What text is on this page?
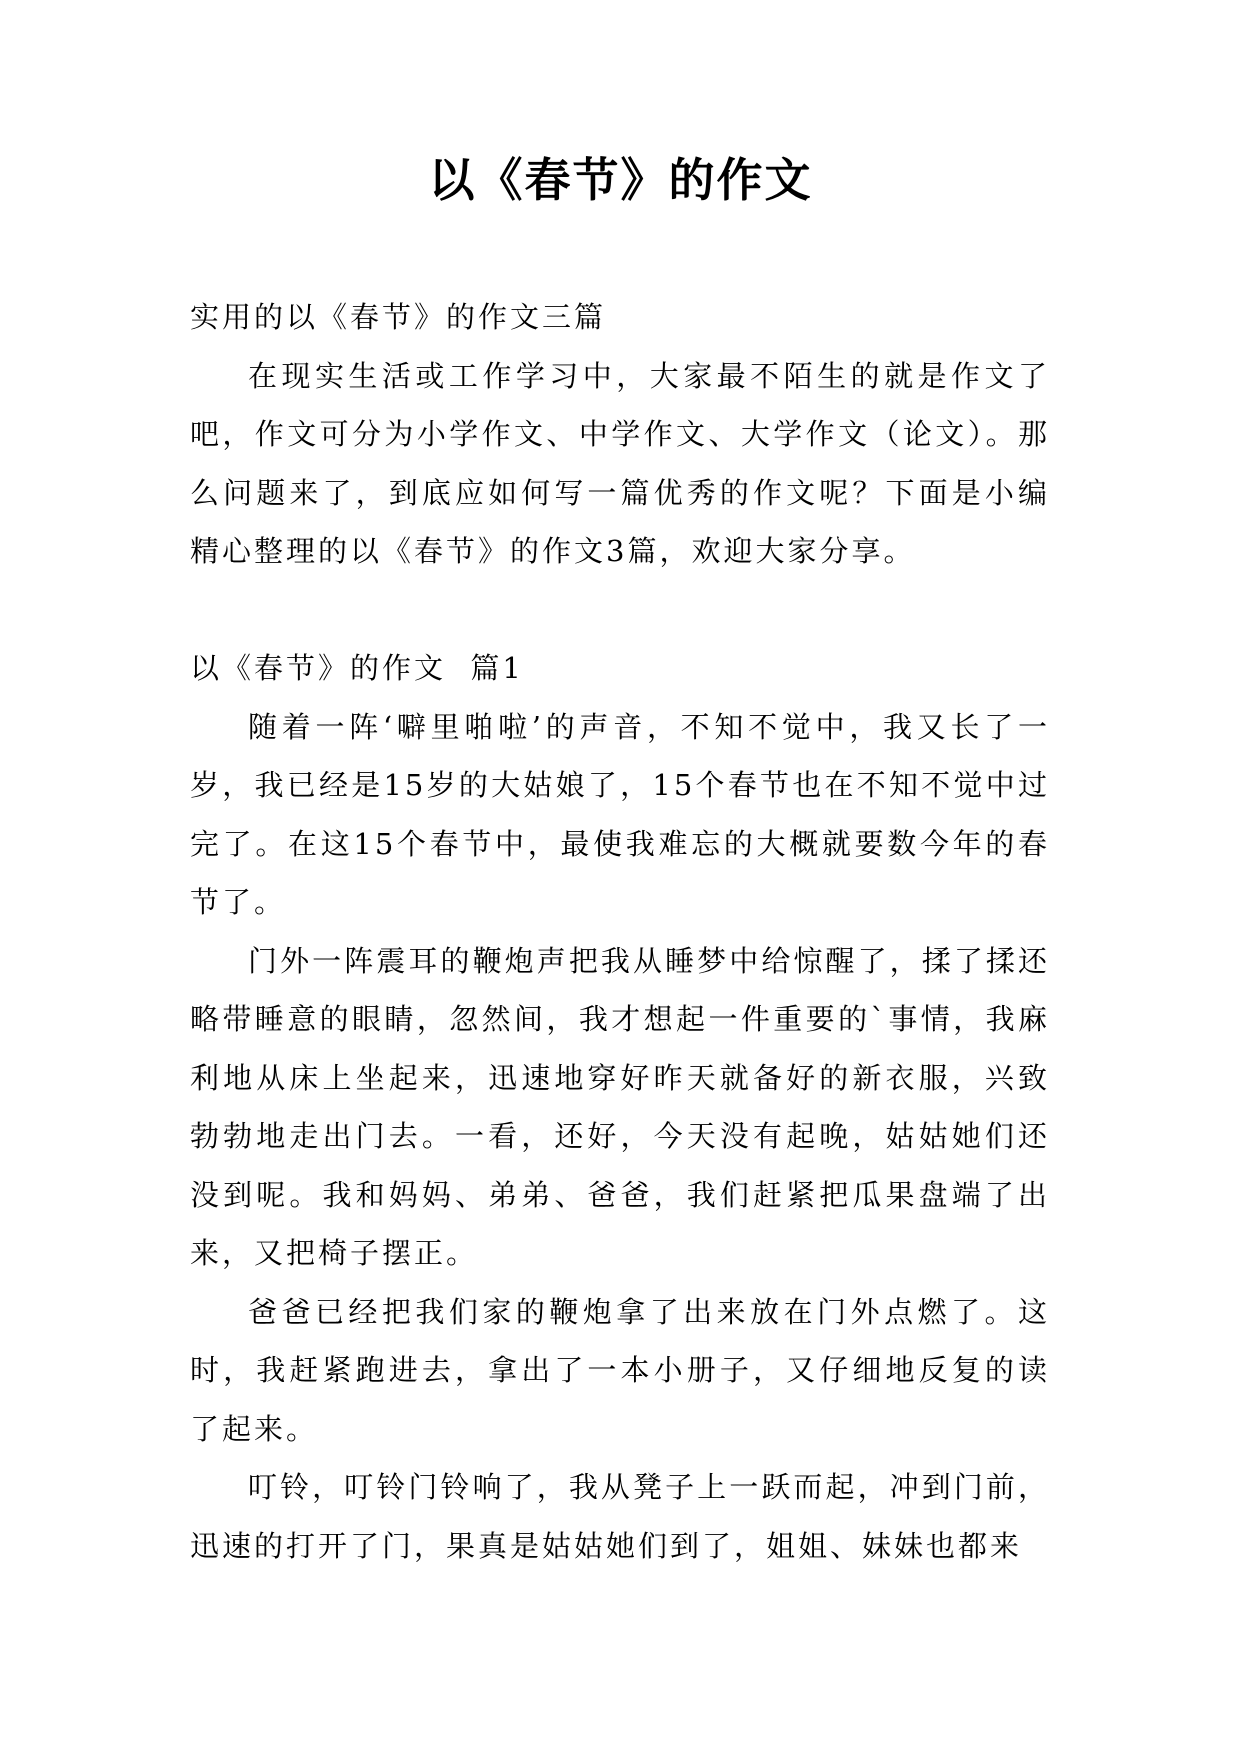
以《春节》的作文

实用的以《春节》的作文三篇

在现实生活或工作学习中，大家最不陌生的就是作文了吧，作文可分为小学作文、中学作文、大学作文（论文）。那么问题来了，到底应如何写一篇优秀的作文呢？下面是小编精心整理的以《春节》的作文3篇，欢迎大家分享。

以《春节》的作文  篇1

随着一阵‘噼里啪啦’的声音，不知不觉中，我又长了一岁，我已经是15岁的大姑娘了，15个春节也在不知不觉中过完了。在这15个春节中，最使我难忘的大概就要数今年的春节了。

门外一阵震耳的鞭炮声把我从睡梦中给惊醒了，揉了揉还略带睡意的眼睛，忽然间，我才想起一件重要的`事情，我麻利地从床上坐起来，迅速地穿好昨天就备好的新衣服，兴致勃勃地走出门去。一看，还好，今天没有起晚，姑姑她们还没到呢。我和妈妈、弟弟、爸爸，我们赶紧把瓜果盘端了出来，又把椅子摆正。

爸爸已经把我们家的鞭炮拿了出来放在门外点燃了。这时，我赶紧跑进去，拿出了一本小册子，又仔细地反复的读了起来。

叮铃，叮铃门铃响了，我从凳子上一跃而起，冲到门前，迅速的打开了门，果真是姑姑她们到了，姐姐、妹妹也都来
